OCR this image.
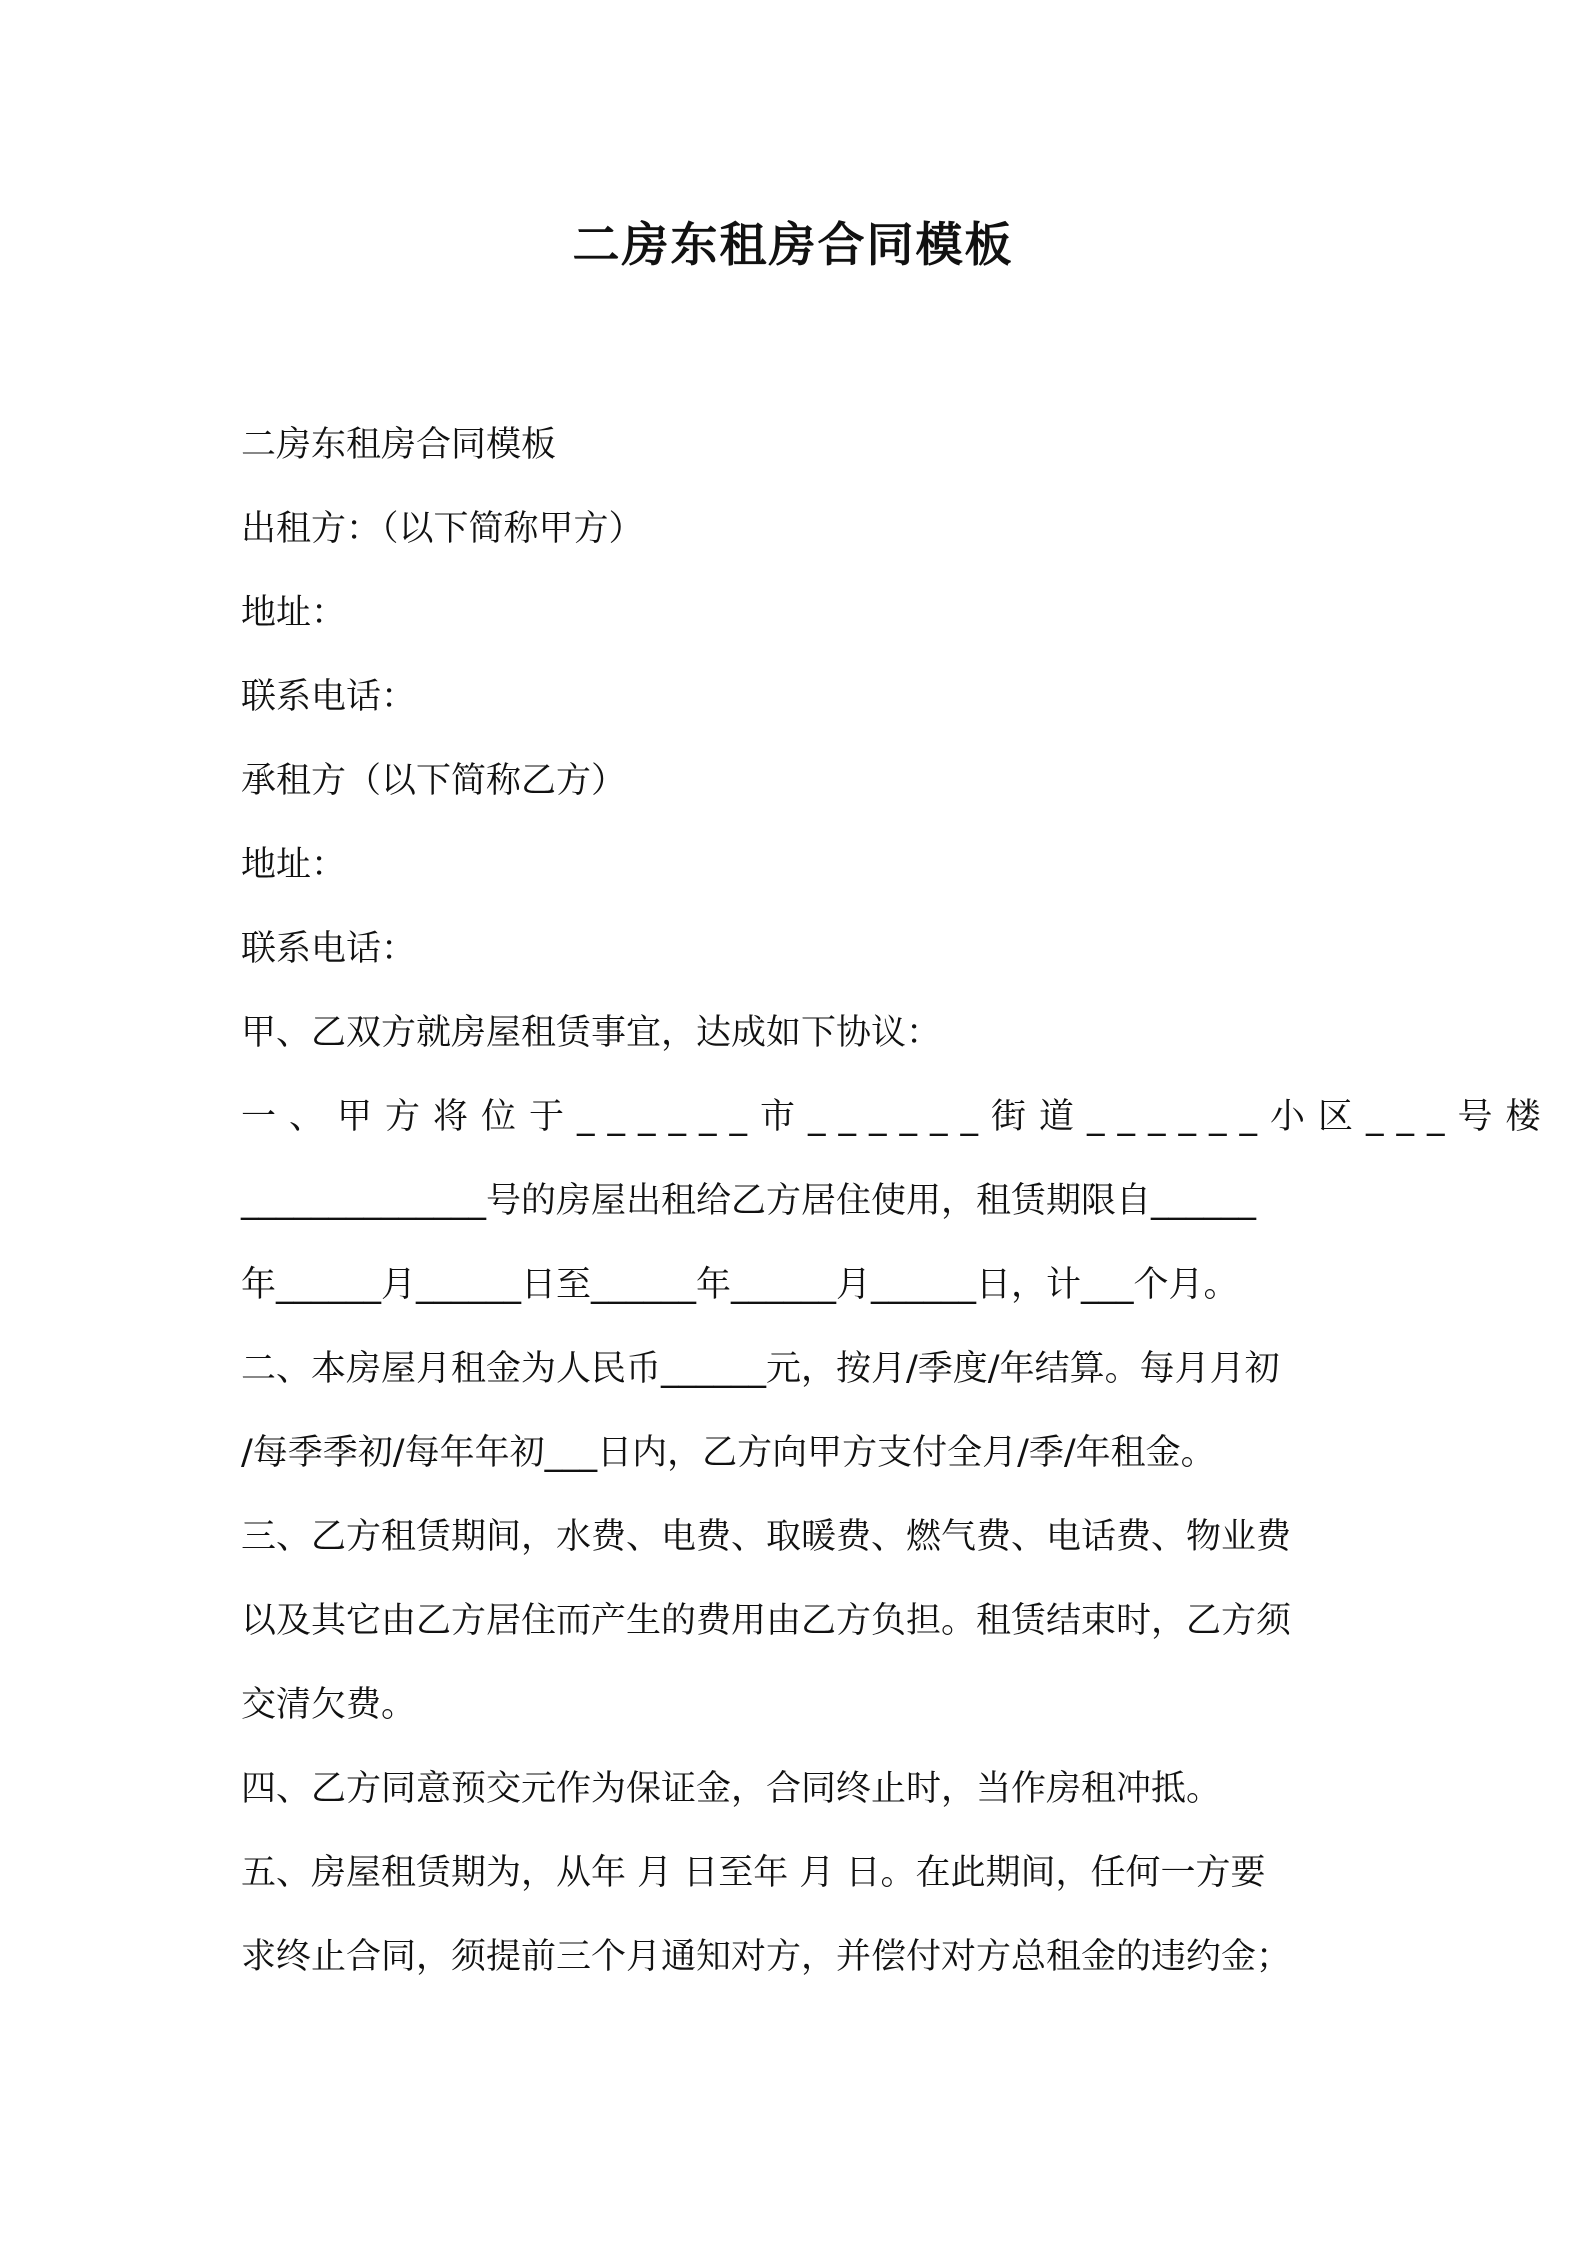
二房东租房合同模板

二房东租房合同模板

出租方：（以下简称甲方）

地址：

联系电话：

承租方（以下简称乙方）

地址：

联系电话：

甲、乙双方就房屋租赁事宜，达成如下协议：

一、甲方将位于______市______街道______小区___号楼

______________号的房屋出租给乙方居住使用，租赁期限自______

年______月______日至______年______月______日，计___个月。

二、本房屋月租金为人民币______元，按月/季度/年结算。每月月初

/每季季初/每年年初___日内，乙方向甲方支付全月/季/年租金。

三、乙方租赁期间，水费、电费、取暖费、燃气费、电话费、物业费

以及其它由乙方居住而产生的费用由乙方负担。租赁结束时，乙方须

交清欠费。

四、乙方同意预交元作为保证金，合同终止时，当作房租冲抵。

五、房屋租赁期为，从年 月 日至年 月 日。在此期间，任何一方要

求终止合同，须提前三个月通知对方，并偿付对方总租金的违约金；
